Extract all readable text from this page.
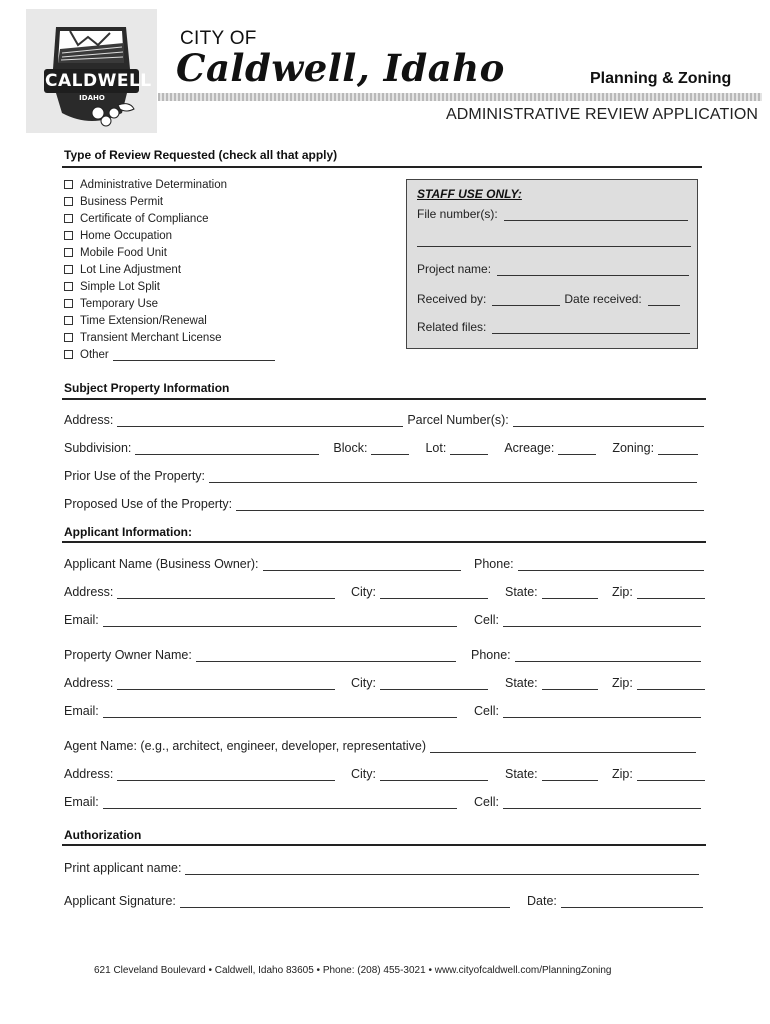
CALDWELL
IDAHO
CITY OF
Caldwell, Idaho	Planning & Zoning
ADMINISTRATIVE REVIEW APPLICATION
Type of Review Requested (check all that apply)
Administrative Determination
Business Permit
Certificate of Compliance
Home Occupation
Mobile Food Unit
Lot Line Adjustment
Simple Lot Split
Temporary Use
Time Extension/Renewal
Transient Merchant License
Other
STAFF USE ONLY:
File number(s):
Project name:
Received by:	Date received:
Related files:
Subject Property Information
Address:	Parcel Number(s):
Subdivision:	Block:	Lot:	Acreage:	Zoning:
Prior Use of the Property:
Proposed Use of the Property:
Applicant Information:
Applicant Name (Business Owner):	Phone:
Address:	City:	State:	Zip:
Email:	Cell:
Property Owner Name:	Phone:
Address:	City:	State:	Zip:
Email:	Cell:
Agent Name: (e.g., architect, engineer, developer, representative)
Address:	City:	State:	Zip:
Email:	Cell:
Authorization
Print applicant name:
Applicant Signature:	Date:
621 Cleveland Boulevard • Caldwell, Idaho 83605 • Phone: (208) 455-3021 • www.cityofcaldwell.com/PlanningZoning
